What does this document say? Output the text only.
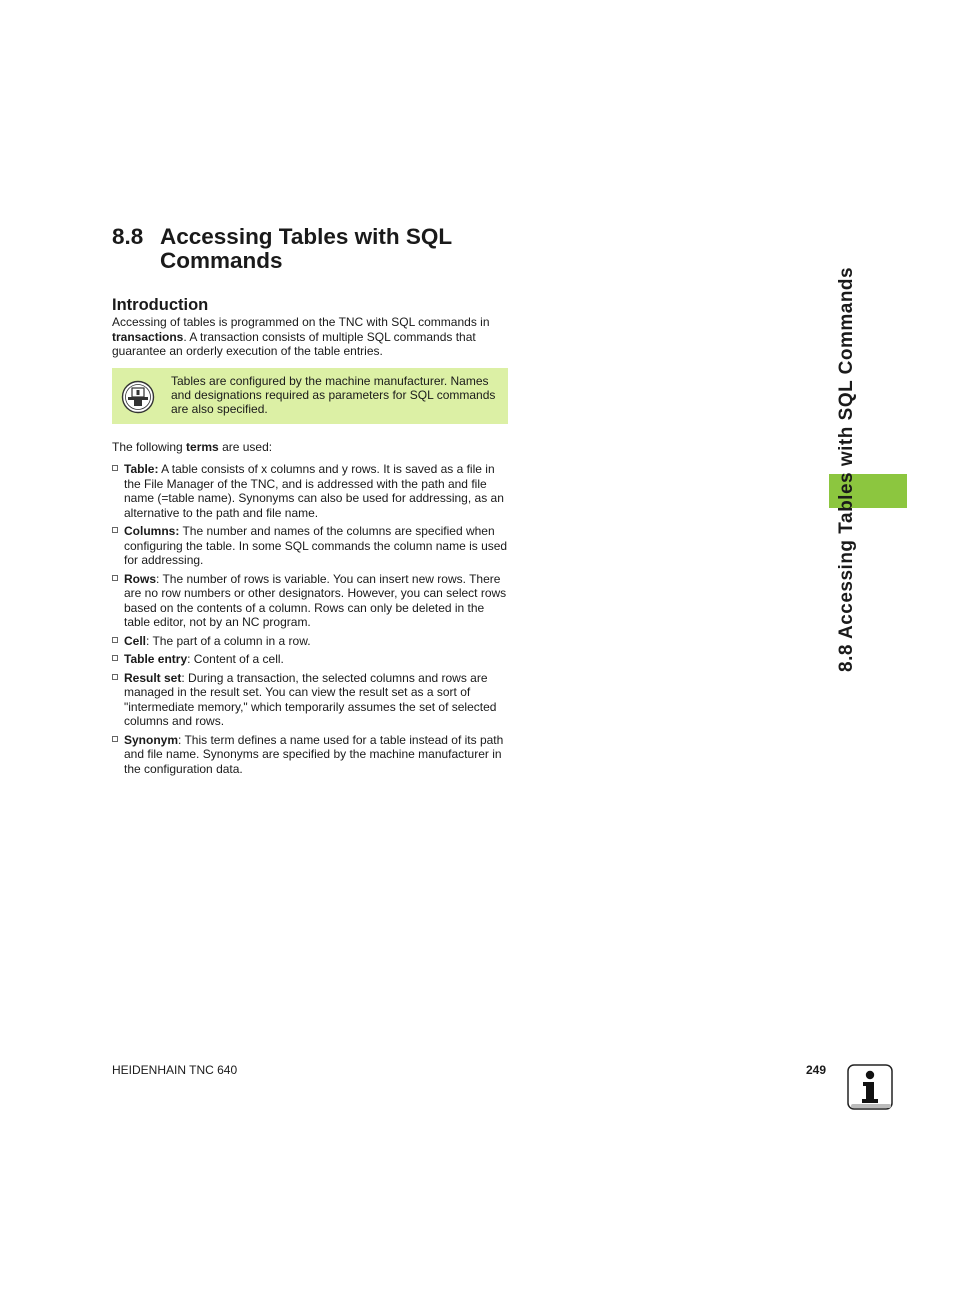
8.8 Accessing Tables with SQL
Commands
Introduction

Accessing of tables is programmed on the TNC with SQL commands in transactions. A transaction consists of multiple SQL commands that guarantee an orderly execution of the table entries.

Tables are configured by the machine manufacturer. Names and designations required as parameters for SQL commands are also specified.

The following terms are used:

Table: A table consists of x columns and y rows. It is saved as a file in the File Manager of the TNC, and is addressed with the path and file name (=table name). Synonyms can also be used for addressing, as an alternative to the path and file name.
Columns: The number and names of the columns are specified when configuring the table. In some SQL commands the column name is used for addressing.
Rows: The number of rows is variable. You can insert new rows. There are no row numbers or other designators. However, you can select rows based on the contents of a column. Rows can only be deleted in the table editor, not by an NC program.
Cell: The part of a column in a row.
Table entry: Content of a cell.
Result set: During a transaction, the selected columns and rows are managed in the result set. You can view the result set as a sort of "intermediate memory," which temporarily assumes the set of selected columns and rows.
Synonym: This term defines a name used for a table instead of its path and file name. Synonyms are specified by the machine manufacturer in the configuration data.
8.8 Accessing Tables with SQL Commands
HEIDENHAIN TNC 640	249
